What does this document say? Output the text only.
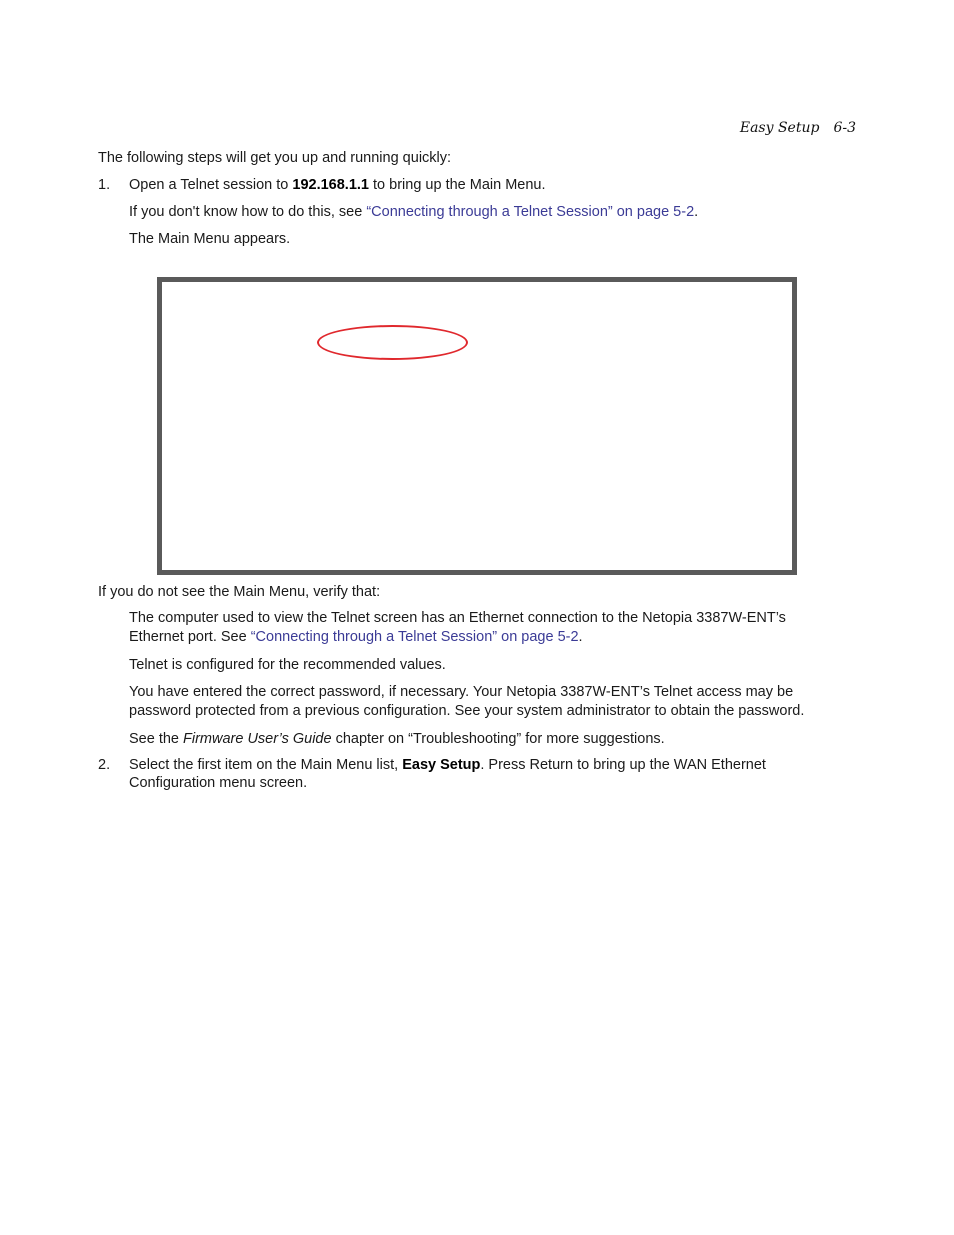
Easy Setup 6-3
The following steps will get you up and running quickly:
1. Open a Telnet session to 192.168.1.1 to bring up the Main Menu.
If you don't know how to do this, see “Connecting through a Telnet Session” on page 5-2.
The Main Menu appears.
If you do not see the Main Menu, verify that:
The computer used to view the Telnet screen has an Ethernet connection to the Netopia 3387W-ENT’s
Ethernet port. See “Connecting through a Telnet Session” on page 5-2.
Telnet is configured for the recommended values.
You have entered the correct password, if necessary. Your Netopia 3387W-ENT’s Telnet access may be
password protected from a previous configuration. See your system administrator to obtain the password.
See the Firmware User’s Guide chapter on “Troubleshooting” for more suggestions.
2. Select the first item on the Main Menu list, Easy Setup. Press Return to bring up the WAN Ethernet
Configuration menu screen.
